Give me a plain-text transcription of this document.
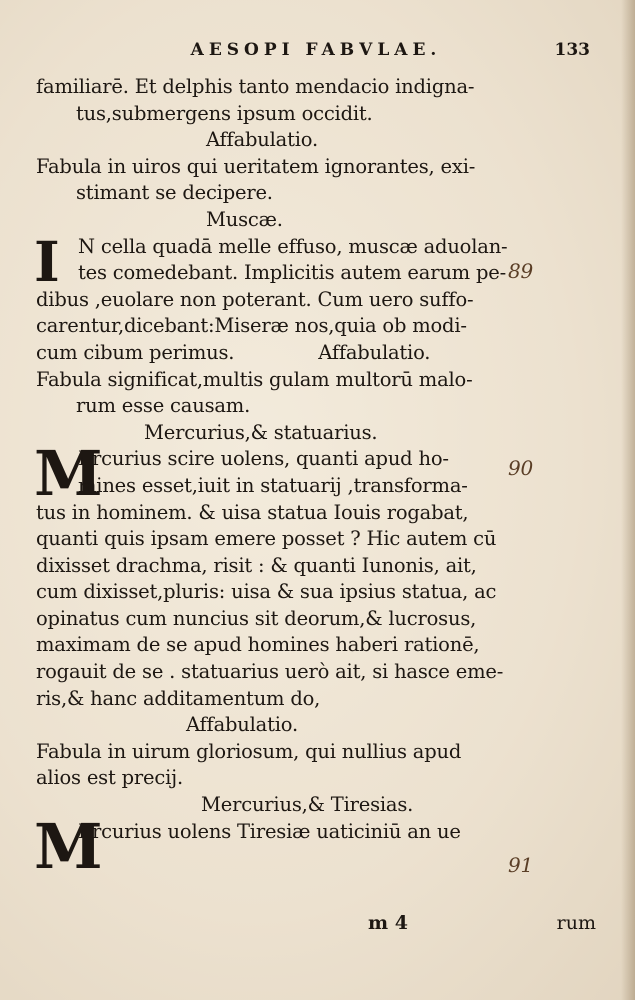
AESOPI FABVLAE.	133
familiarē. Et delphis tanto mendacio indigna-
tus,submergens ipsum occidit.
Affabulatio.
Fabula in uiros qui ueritatem ignorantes, exi-
stimant se decipere.
Muscæ.
I N cella quadā melle effuso, muscæ aduolan-
tes comedebant. Implicitis autem earum pe-
dibus ,euolare non poterant. Cum uero suffo-
carentur,dicebant:Miseræ nos,quia ob modi-
cum cibum perimus.	Affabulatio.
Fabula significat,multis gulam multorū malo-
rum esse causam.
Mercurius,& statuarius.
M
Ercurius scire uolens, quanti apud ho-
mines esset,iuit in statuarij ,transforma-
tus in hominem. & uisa statua Iouis rogabat,
quanti quis ipsam emere posset ? Hic autem cū
dixisset drachma, risit : & quanti Iunonis, ait,
cum dixisset,pluris: uisa & sua ipsius statua, ac
opinatus cum nuncius sit deorum,& lucrosus,
maximam de se apud homines haberi rationē,
rogauit de se . statuarius uerò ait, si hasce eme-
ris,& hanc additamentum do,
Affabulatio.
Fabula in uirum gloriosum, qui nullius apud
alios est precij.
Mercurius,& Tiresias.
M
Ercurius uolens Tiresiæ uaticiniū an ue
89
90
91
m 4	rum
